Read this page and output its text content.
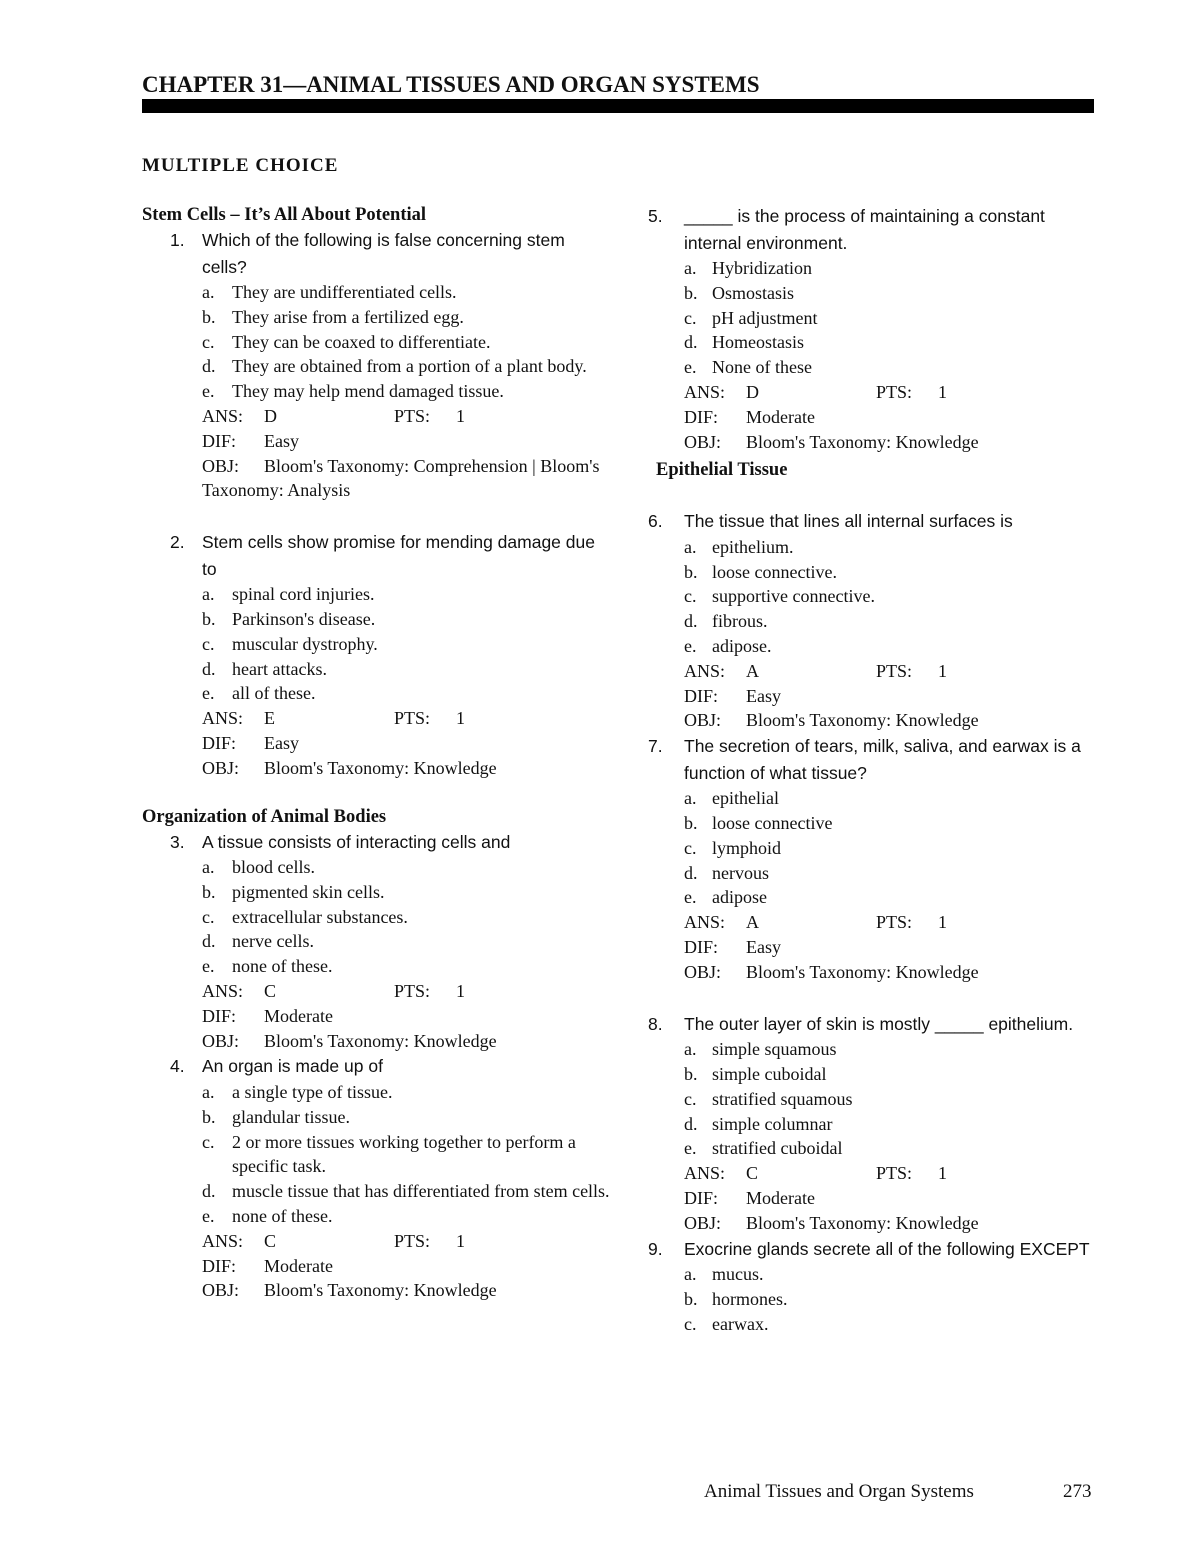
CHAPTER 31—ANIMAL TISSUES AND ORGAN SYSTEMS
MULTIPLE CHOICE
Stem Cells – It’s All About Potential
1. Which of the following is false concerning stem cells?
a. They are undifferentiated cells.
b. They arise from a fertilized egg.
c. They can be coaxed to differentiate.
d. They are obtained from a portion of a plant body.
e. They may help mend damaged tissue.
ANS: D	PTS: 1
DIF: Easy
OBJ: Bloom's Taxonomy: Comprehension | Bloom's Taxonomy: Analysis
2. Stem cells show promise for mending damage due to
a. spinal cord injuries.
b. Parkinson's disease.
c. muscular dystrophy.
d. heart attacks.
e. all of these.
ANS: E	PTS: 1
DIF: Easy
OBJ: Bloom's Taxonomy: Knowledge
Organization of Animal Bodies
3. A tissue consists of interacting cells and
a. blood cells.
b. pigmented skin cells.
c. extracellular substances.
d. nerve cells.
e. none of these.
ANS: C	PTS: 1
DIF: Moderate
OBJ: Bloom's Taxonomy: Knowledge
4. An organ is made up of
a. a single type of tissue.
b. glandular tissue.
c. 2 or more tissues working together to perform a specific task.
d. muscle tissue that has differentiated from stem cells.
e. none of these.
ANS: C	PTS: 1
DIF: Moderate
OBJ: Bloom's Taxonomy: Knowledge
5. _____ is the process of maintaining a constant internal environment.
a. Hybridization
b. Osmostasis
c. pH adjustment
d. Homeostasis
e. None of these
ANS: D	PTS: 1
DIF: Moderate
OBJ: Bloom's Taxonomy: Knowledge
Epithelial Tissue
6. The tissue that lines all internal surfaces is
a. epithelium.
b. loose connective.
c. supportive connective.
d. fibrous.
e. adipose.
ANS: A	PTS: 1
DIF: Easy
OBJ: Bloom's Taxonomy: Knowledge
7. The secretion of tears, milk, saliva, and earwax is a function of what tissue?
a. epithelial
b. loose connective
c. lymphoid
d. nervous
e. adipose
ANS: A	PTS: 1
DIF: Easy
OBJ: Bloom's Taxonomy: Knowledge
8. The outer layer of skin is mostly _____ epithelium.
a. simple squamous
b. simple cuboidal
c. stratified squamous
d. simple columnar
e. stratified cuboidal
ANS: C	PTS: 1
DIF: Moderate
OBJ: Bloom's Taxonomy: Knowledge
9. Exocrine glands secrete all of the following EXCEPT
a. mucus.
b. hormones.
c. earwax.
Animal Tissues and Organ Systems	273
